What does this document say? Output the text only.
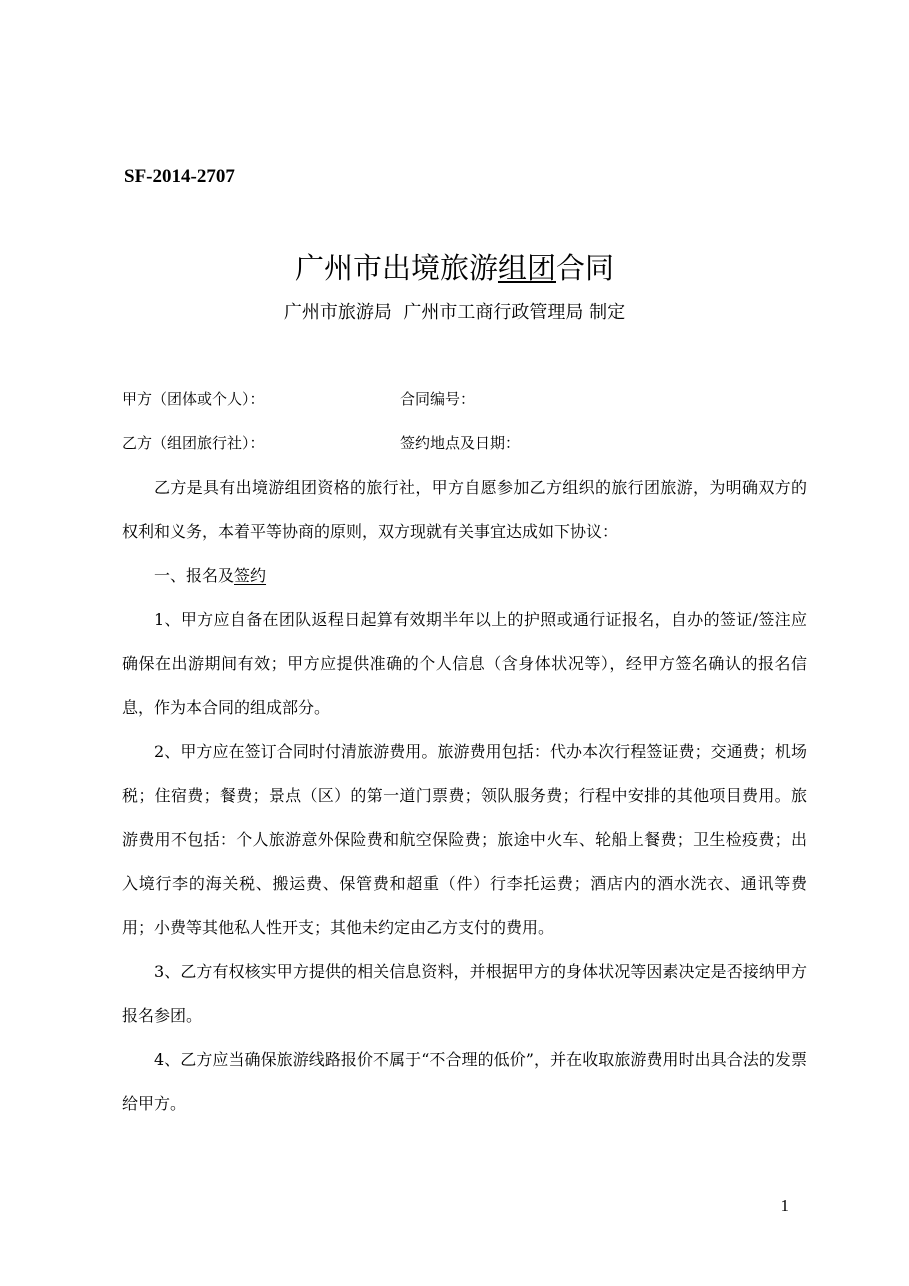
SF-2014-2707
广州市出境旅游组团合同
广州市旅游局  广州市工商行政管理局 制定
甲方（团体或个人）：	合同编号：
乙方（组团旅行社）：	签约地点及日期：

乙方是具有出境游组团资格的旅行社，甲方自愿参加乙方组织的旅行团旅游，为明确双方的权利和义务，本着平等协商的原则，双方现就有关事宜达成如下协议：

一、报名及签约

1、甲方应自备在团队返程日起算有效期半年以上的护照或通行证报名，自办的签证/签注应确保在出游期间有效；甲方应提供准确的个人信息（含身体状况等），经甲方签名确认的报名信息，作为本合同的组成部分。

2、甲方应在签订合同时付清旅游费用。旅游费用包括：代办本次行程签证费；交通费；机场税；住宿费；餐费；景点（区）的第一道门票费；领队服务费；行程中安排的其他项目费用。旅游费用不包括：个人旅游意外保险费和航空保险费；旅途中火车、轮船上餐费；卫生检疫费；出入境行李的海关税、搬运费、保管费和超重（件）行李托运费；酒店内的酒水洗衣、通讯等费用；小费等其他私人性开支；其他未约定由乙方支付的费用。

3、乙方有权核实甲方提供的相关信息资料，并根据甲方的身体状况等因素决定是否接纳甲方报名参团。

4、乙方应当确保旅游线路报价不属于“不合理的低价”，并在收取旅游费用时出具合法的发票给甲方。

1
